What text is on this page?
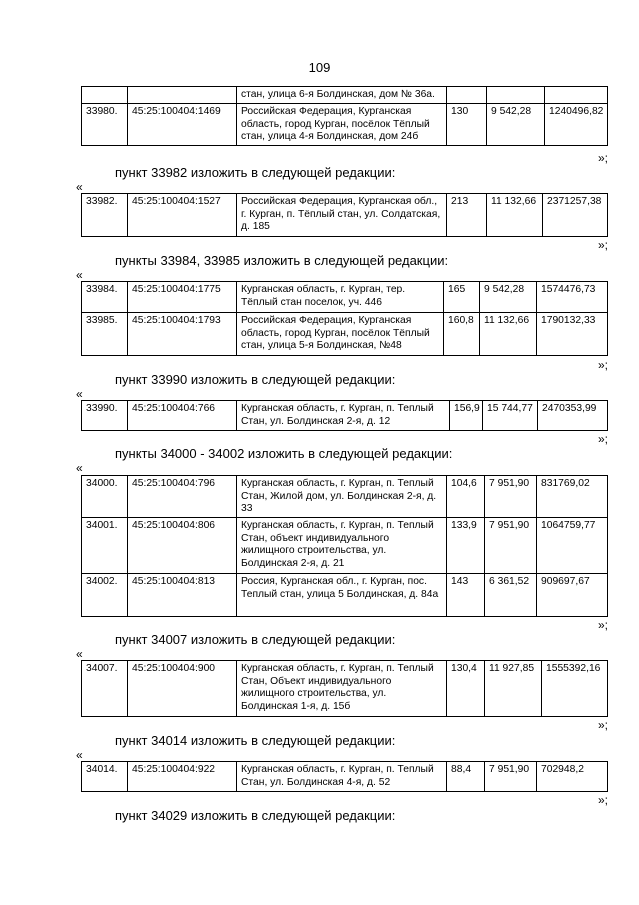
109
		стан, улица 6-я Болдинская, дом № 36а.			
33980.	45:25:100404:1469	Российская Федерация, Курганская область, город Курган, посёлок Тёплый стан, улица 4-я Болдинская, дом 24б	130	9 542,28	1240496,82
»;
пункт 33982 изложить в следующей редакции:
«
33982.	45:25:100404:1527	Российская Федерация, Курганская обл., г. Курган, п. Тёплый стан, ул. Солдатская, д. 185	213	11 132,66	2371257,38
»;
пункты 33984, 33985 изложить в следующей редакции:
«
33984.	45:25:100404:1775	Курганская область, г. Курган, тер. Тёплый стан поселок, уч. 446	165	9 542,28	1574476,73
33985.	45:25:100404:1793	Российская Федерация, Курганская область, город Курган, посёлок Тёплый стан, улица 5-я Болдинская, №48	160,8	11 132,66	1790132,33
»;
пункт 33990 изложить в следующей редакции:
«
33990.	45:25:100404:766	Курганская область, г. Курган, п. Теплый Стан, ул. Болдинская 2-я, д. 12	156,9	15 744,77	2470353,99
»;
пункты 34000 - 34002 изложить в следующей редакции:
«
34000.	45:25:100404:796	Курганская область, г. Курган, п. Теплый Стан, Жилой дом, ул. Болдинская 2-я, д. 33	104,6	7 951,90	831769,02
34001.	45:25:100404:806	Курганская область, г. Курган, п. Теплый Стан, объект индивидуального жилищного строительства, ул. Болдинская 2-я, д. 21	133,9	7 951,90	1064759,77
34002.	45:25:100404:813	Россия, Курганская обл., г. Курган, пос. Теплый стан, улица 5 Болдинская, д. 84а	143	6 361,52	909697,67
»;
пункт 34007 изложить в следующей редакции:
«
34007.	45:25:100404:900	Курганская область, г. Курган, п. Теплый Стан, Объект индивидуального жилищного строительства, ул. Болдинская 1-я, д. 15б	130,4	11 927,85	1555392,16
»;
пункт 34014 изложить в следующей редакции:
«
34014.	45:25:100404:922	Курганская область, г. Курган, п. Теплый Стан, ул. Болдинская 4-я, д. 52	88,4	7 951,90	702948,2
»;
пункт 34029 изложить в следующей редакции:
